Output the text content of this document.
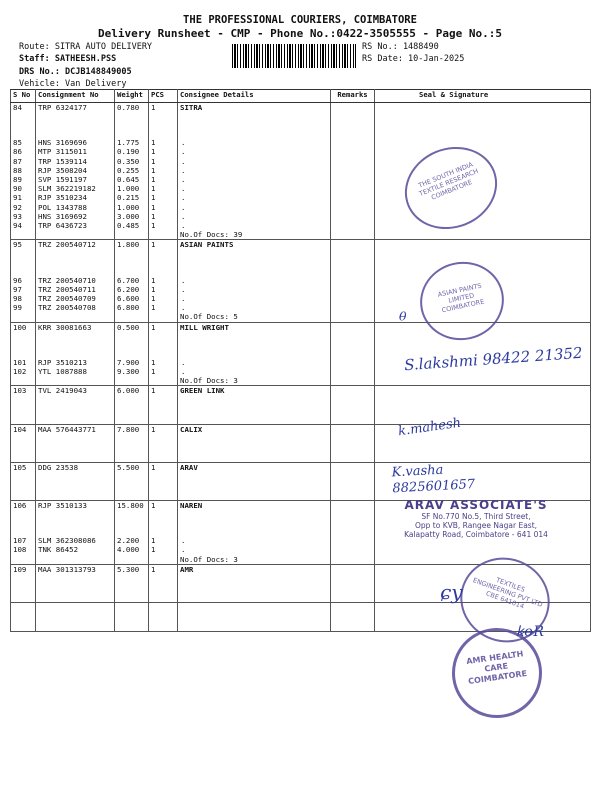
THE PROFESSIONAL COURIERS, COIMBATORE
Delivery Runsheet - CMP - Phone No.:0422-3505555 - Page No.:5
Route: SITRA AUTO DELIVERY
Staff: SATHEESH.PSS
DRS No.: DCJB148849005
Vehicle: Van Delivery
RS No.: 1488490
RS Date: 10-Jan-2025
S No	Consignment No	Weight	PCS	Consignee Details	Remarks	Seal & Signature
84	TRP 6324177	0.780	1	SITRA		

85	HNS 3169696	1.775	1	.		
86	MTP 3115011	0.190	1	.		
87	TRP 1539114	0.350	1	.		
88	RJP 3508204	0.255	1	.		
89	SVP 1591197	0.645	1	.		
90	SLM 362219182	1.000	1	.		
91	RJP 3510234	0.215	1	.		
92	POL 1343788	1.000	1	.		
93	HNS 3169692	3.000	1	.		
94	TRP 6436723	0.485	1	.		
				No.Of Docs: 39		
95	TRZ 200540712	1.800	1	ASIAN PAINTS		

96	TRZ 200540710	6.700	1	.		
97	TRZ 200540711	6.200	1	.		
98	TRZ 200540709	6.600	1	.		
99	TRZ 200540708	6.800	1	.		
				No.Of Docs: 5		
100	KRR 30081663	0.500	1	MILL WRIGHT		

101	RJP 3510213	7.900	1	.		
102	YTL 1087888	9.300	1	.		
				No.Of Docs: 3		
103	TVL 2419043	6.000	1	GREEN LINK		

104	MAA 576443771	7.800	1	CALIX		

105	DDG 23538	5.500	1	ARAV		

106	RJP 3510133	15.800	1	NAREN		

107	SLM 362308086	2.200	1	.		
108	TNK 86452	4.000	1	.		
				No.Of Docs: 3		
109	MAA 301313793	5.300	1	AMR		

THE SOUTH INDIA TEXTILE RESEARCH COIMBATORE
ASIAN PAINTS LIMITED COIMBATORE
ᶿ
S.lakshmi 98422 21352
k.mahesh
K.vasha 8825601657
ARAV ASSOCIATE'S
SF No.770 No.5, Third Street,
Opp to KVB, Rangee Nagar East,
Kalapatty Road, Coimbatore - 641 014
TEXTILES ENGINEERING PVT LTD CBE 641014
ɕy
AMR HEALTH CARE COIMBATORE
ꝃꝋR
